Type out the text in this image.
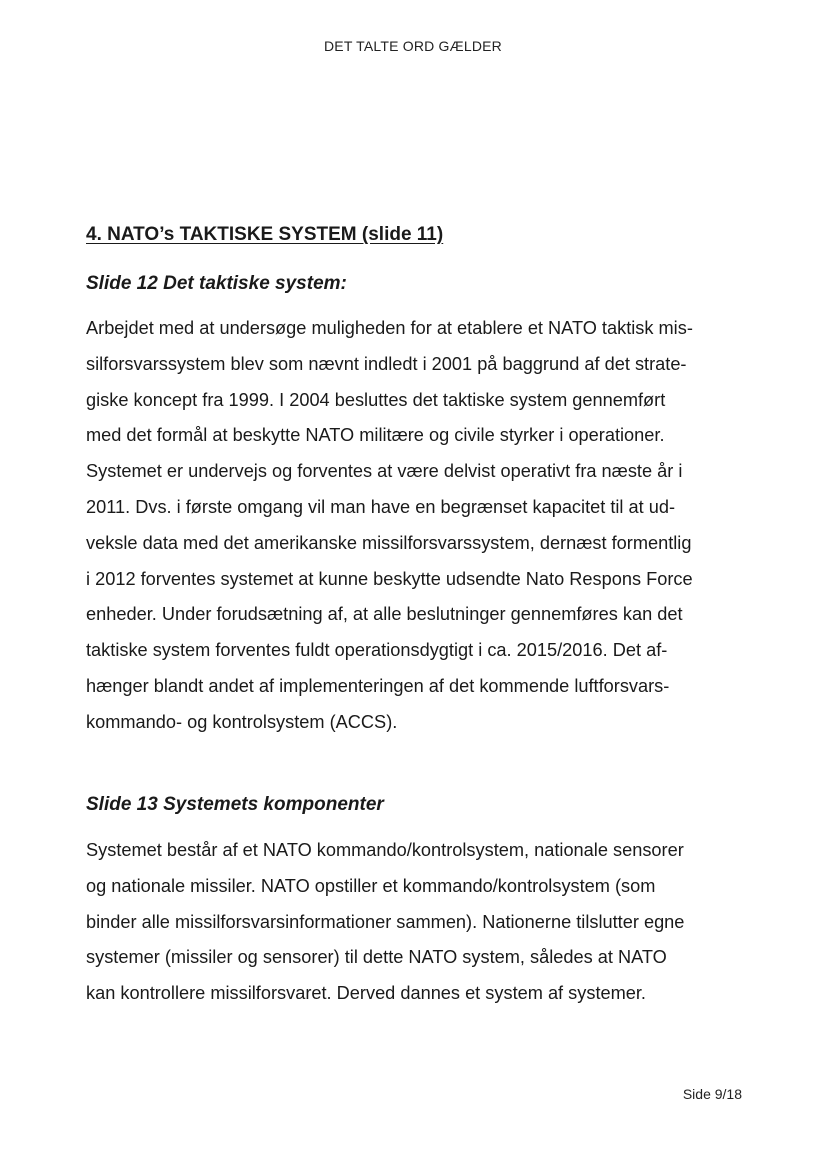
DET TALTE ORD GÆLDER
4. NATO’s TAKTISKE SYSTEM (slide 11)
Slide 12 Det taktiske system:
Arbejdet med at undersøge muligheden for at etablere et NATO taktisk mis-
silforsvarssystem blev som nævnt indledt i 2001 på baggrund af det strate-
giske koncept fra 1999. I 2004 besluttes det taktiske system gennemført
med det formål at beskytte NATO militære og civile styrker i operationer.
Systemet er undervejs og forventes at være delvist operativt fra næste år i
2011. Dvs. i første omgang vil man have en begrænset kapacitet til at ud-
veksle data med det amerikanske missilforsvarssystem, dernæst formentlig
i 2012 forventes systemet at kunne beskytte udsendte Nato Respons Force
enheder. Under forudsætning af, at alle beslutninger gennemføres kan det
taktiske system forventes fuldt operationsdygtigt i ca. 2015/2016. Det af-
hænger blandt andet af implementeringen af det kommende luftforsvars-
kommando- og kontrolsystem (ACCS).
Slide 13 Systemets komponenter
Systemet består af et NATO kommando/kontrolsystem, nationale sensorer
og nationale missiler. NATO opstiller et kommando/kontrolsystem (som
binder alle missilforsvarsinformationer sammen). Nationerne tilslutter egne
systemer (missiler og sensorer) til dette NATO system, således at NATO
kan kontrollere missilforsvaret. Derved dannes et system af systemer.
Side 9/18
